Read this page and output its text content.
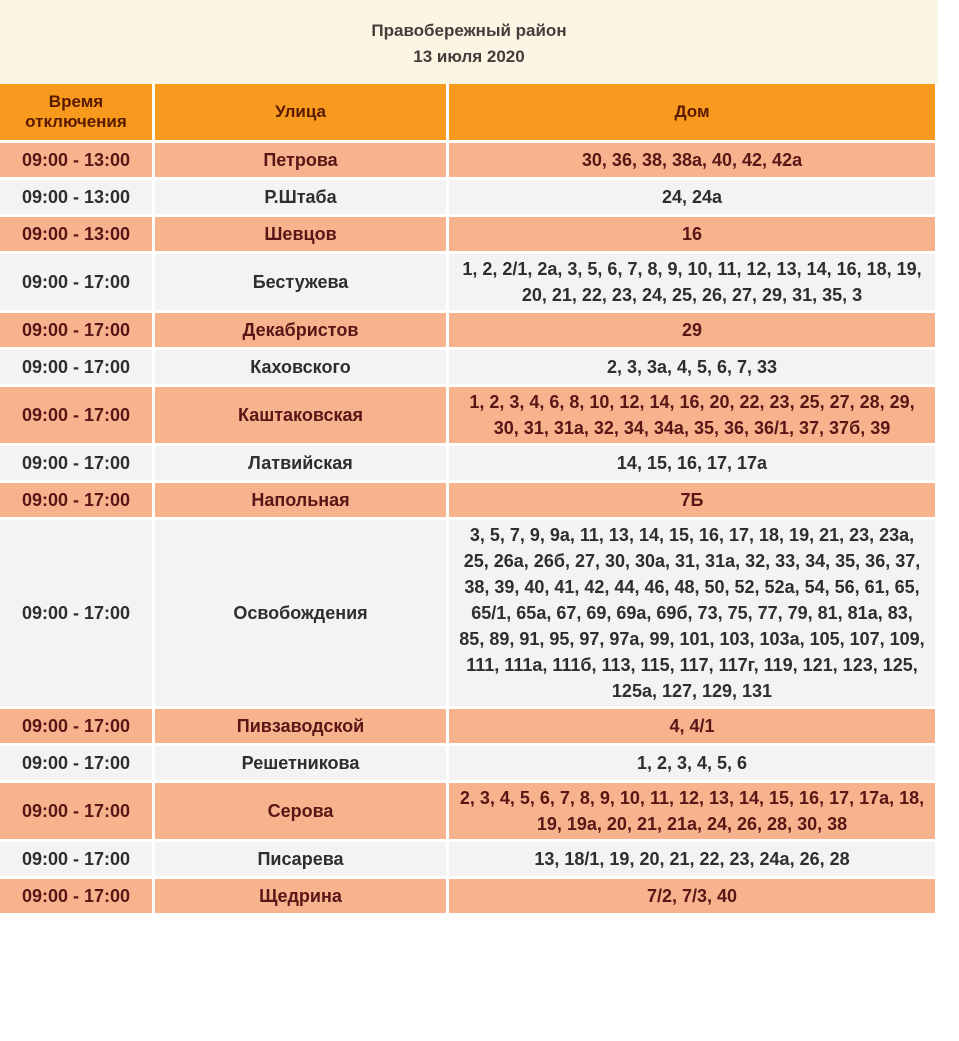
Правобережный район
13 июля 2020
Время отключения	Улица	Дом
09:00 - 13:00	Петрова	30, 36, 38, 38а, 40, 42, 42а
09:00 - 13:00	Р.Штаба	24, 24а
09:00 - 13:00	Шевцов	16
09:00 - 17:00	Бестужева	1, 2, 2/1, 2а, 3, 5, 6, 7, 8, 9, 10, 11, 12, 13, 14, 16, 18, 19, 20, 21, 22, 23, 24, 25, 26, 27, 29, 31, 35, 3
09:00 - 17:00	Декабристов	29
09:00 - 17:00	Каховского	2, 3, 3а, 4, 5, 6, 7, 33
09:00 - 17:00	Каштаковская	1, 2, 3, 4, 6, 8, 10, 12, 14, 16, 20, 22, 23, 25, 27, 28, 29, 30, 31, 31а, 32, 34, 34а, 35, 36, 36/1, 37, 37б, 39
09:00 - 17:00	Латвийская	14, 15, 16, 17, 17а
09:00 - 17:00	Напольная	7Б
09:00 - 17:00	Освобождения	3, 5, 7, 9, 9а, 11, 13, 14, 15, 16, 17, 18, 19, 21, 23, 23а, 25, 26а, 26б, 27, 30, 30а, 31, 31а, 32, 33, 34, 35, 36, 37, 38, 39, 40, 41, 42, 44, 46, 48, 50, 52, 52а, 54, 56, 61, 65, 65/1, 65а, 67, 69, 69а, 69б, 73, 75, 77, 79, 81, 81а, 83, 85, 89, 91, 95, 97, 97а, 99, 101, 103, 103а, 105, 107, 109, 111, 111а, 111б, 113, 115, 117, 117г, 119, 121, 123, 125, 125а, 127, 129, 131
09:00 - 17:00	Пивзаводской	4, 4/1
09:00 - 17:00	Решетникова	1, 2, 3, 4, 5, 6
09:00 - 17:00	Серова	2, 3, 4, 5, 6, 7, 8, 9, 10, 11, 12, 13, 14, 15, 16, 17, 17а, 18, 19, 19а, 20, 21, 21а, 24, 26, 28, 30, 38
09:00 - 17:00	Писарева	13, 18/1, 19, 20, 21, 22, 23, 24а, 26, 28
09:00 - 17:00	Щедрина	7/2, 7/3, 40
